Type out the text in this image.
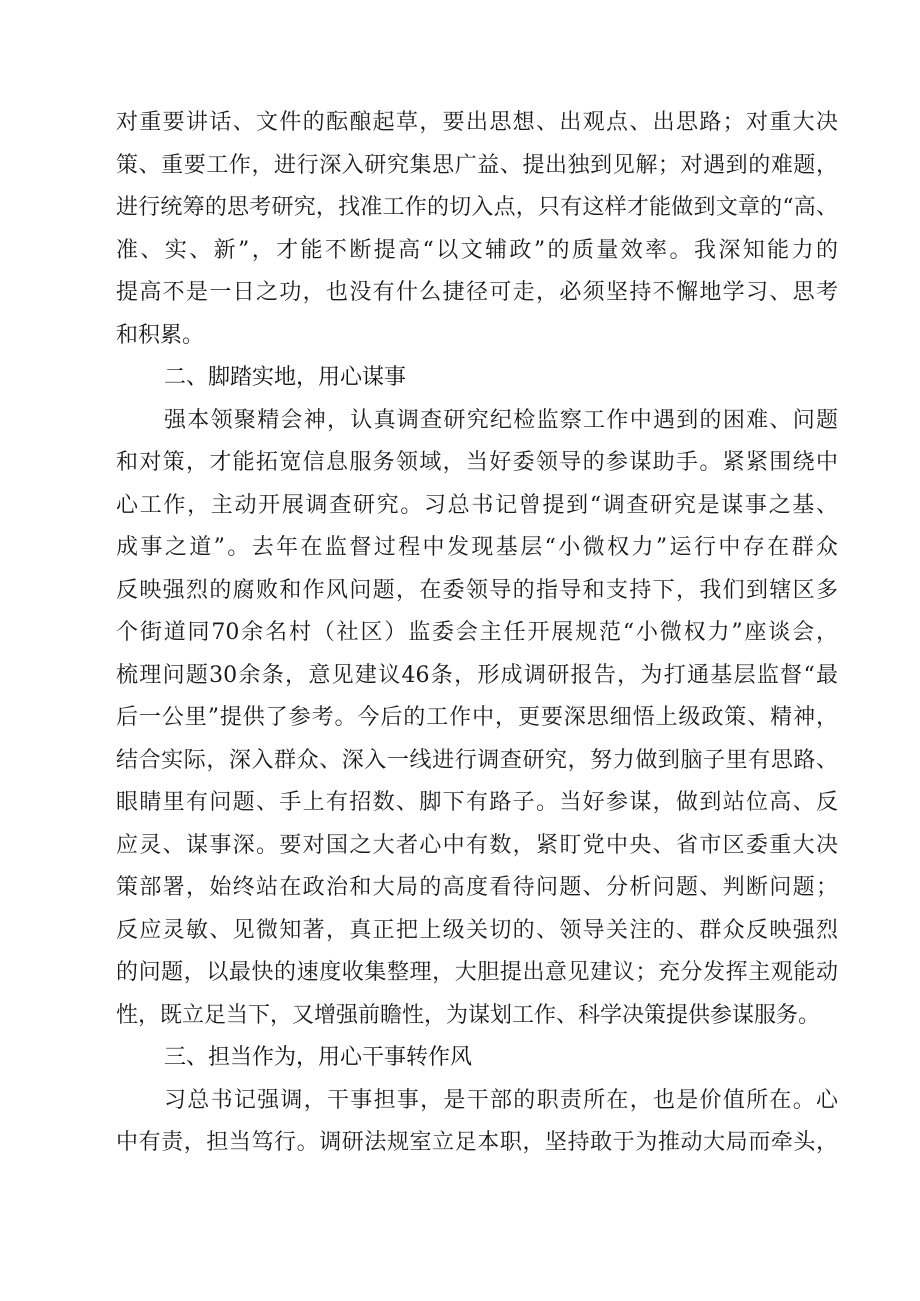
对重要讲话、文件的酝酿起草，要出思想、出观点、出思路；对重大决
策、重要工作，进行深入研究集思广益、提出独到见解；对遇到的难题，
进行统筹的思考研究，找准工作的切入点，只有这样才能做到文章的“高、
准、实、新”，才能不断提高“以文辅政”的质量效率。我深知能力的
提高不是一日之功，也没有什么捷径可走，必须坚持不懈地学习、思考
和积累。
二、脚踏实地，用心谋事
强本领聚精会神，认真调查研究纪检监察工作中遇到的困难、问题
和对策，才能拓宽信息服务领域，当好委领导的参谋助手。紧紧围绕中
心工作，主动开展调查研究。习总书记曾提到“调查研究是谋事之基、
成事之道”。去年在监督过程中发现基层“小微权力”运行中存在群众
反映强烈的腐败和作风问题，在委领导的指导和支持下，我们到辖区多
个街道同70余名村（社区）监委会主任开展规范“小微权力”座谈会，
梳理问题30余条，意见建议46条，形成调研报告，为打通基层监督“最
后一公里”提供了参考。今后的工作中，更要深思细悟上级政策、精神，
结合实际，深入群众、深入一线进行调查研究，努力做到脑子里有思路、
眼睛里有问题、手上有招数、脚下有路子。当好参谋，做到站位高、反
应灵、谋事深。要对国之大者心中有数，紧盯党中央、省市区委重大决
策部署，始终站在政治和大局的高度看待问题、分析问题、判断问题；
反应灵敏、见微知著，真正把上级关切的、领导关注的、群众反映强烈
的问题，以最快的速度收集整理，大胆提出意见建议；充分发挥主观能动
性，既立足当下，又增强前瞻性，为谋划工作、科学决策提供参谋服务。
三、担当作为，用心干事转作风
习总书记强调，干事担事，是干部的职责所在，也是价值所在。心
中有责，担当笃行。调研法规室立足本职，坚持敢于为推动大局而牵头，
